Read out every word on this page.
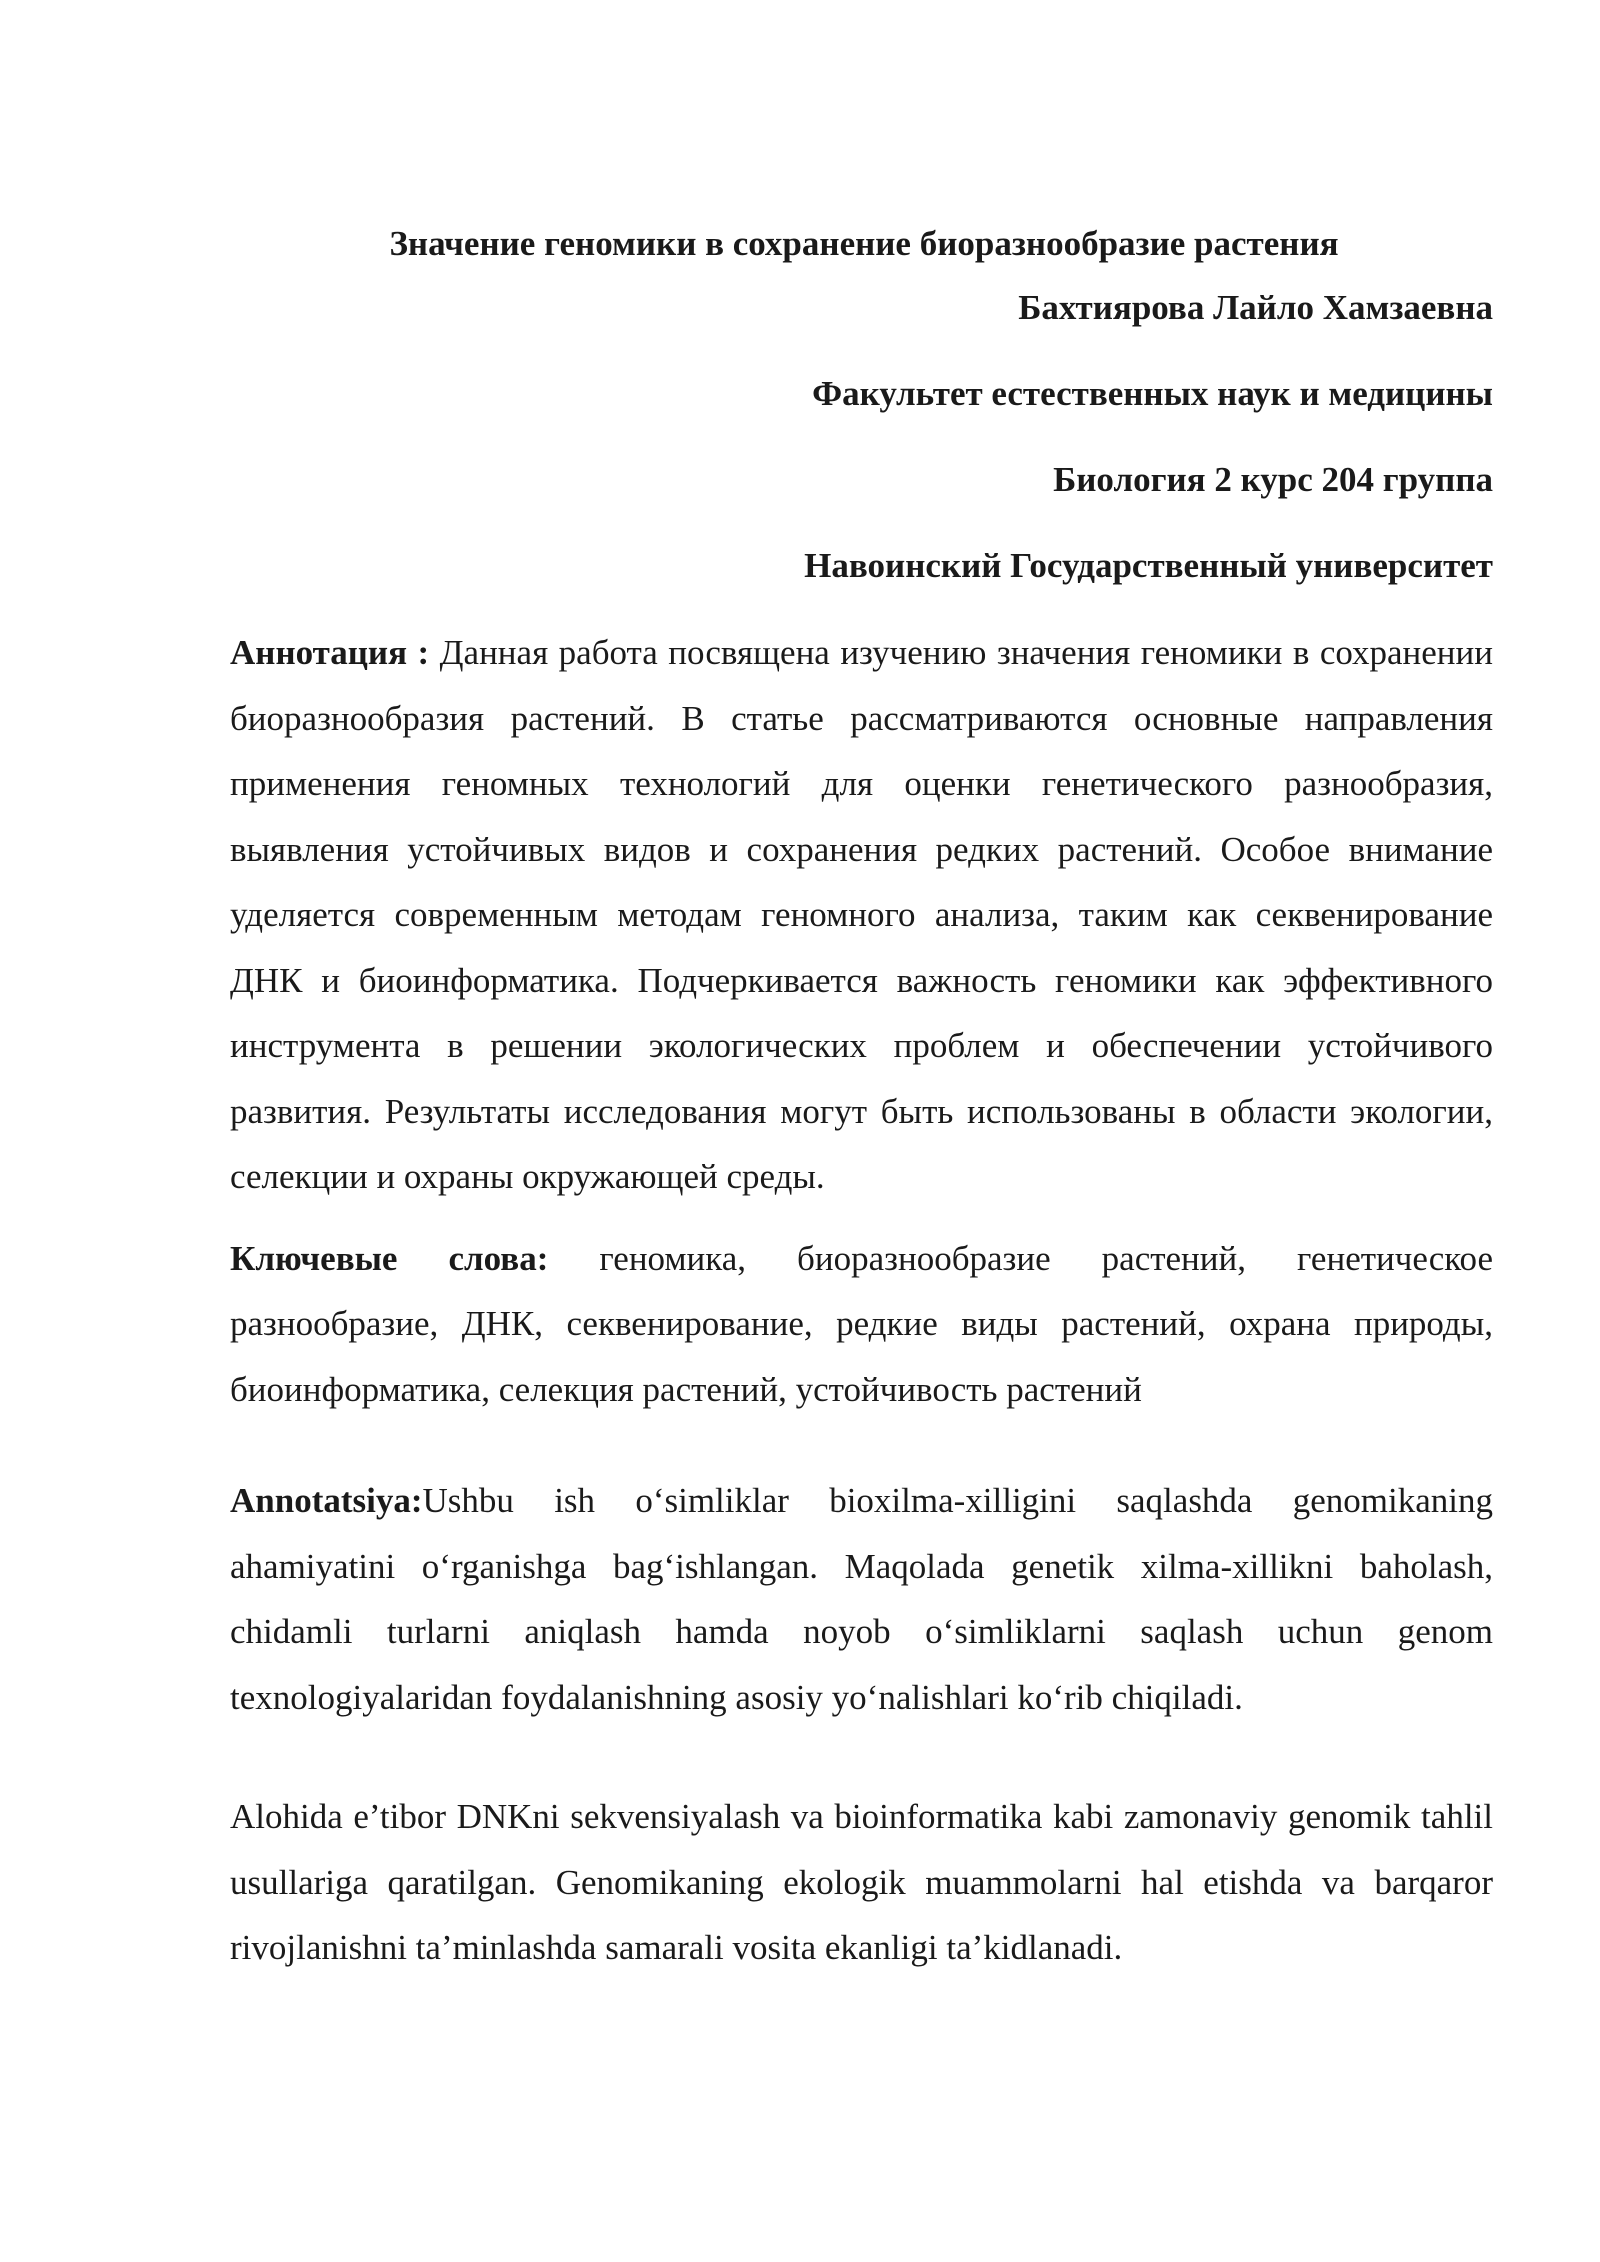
Значение геномики в сохранение биоразнообразие растения

Бахтиярова Лайло Хамзаевна

Факультет естественных наук и медицины

Биология 2 курс 204 группа

Навоинский Государственный университет

Аннотация : Данная работа посвящена изучению значения геномики в сохранении биоразнообразия растений. В статье рассматриваются основные направления применения геномных технологий для оценки генетического разнообразия, выявления устойчивых видов и сохранения редких растений. Особое внимание уделяется современным методам геномного анализа, таким как секвенирование ДНК и биоинформатика. Подчеркивается важность геномики как эффективного инструмента в решении экологических проблем и обеспечении устойчивого развития. Результаты исследования могут быть использованы в области экологии, селекции и охраны окружающей среды.

Ключевые слова: геномика, биоразнообразие растений, генетическое разнообразие, ДНК, секвенирование, редкие виды растений, охрана природы, биоинформатика, селекция растений, устойчивость растений

Annotatsiya:Ushbu ish oʻsimliklar bioxilma-xilligini saqlashda genomikaning ahamiyatini oʻrganishga bagʻishlangan. Maqolada genetik xilma-xillikni baholash, chidamli turlarni aniqlash hamda noyob oʻsimliklarni saqlash uchun genom texnologiyalaridan foydalanishning asosiy yoʻnalishlari koʻrib chiqiladi.

Alohida e’tibor DNKni sekvensiyalash va bioinformatika kabi zamonaviy genomik tahlil usullariga qaratilgan. Genomikaning ekologik muammolarni hal etishda va barqaror rivojlanishni ta’minlashda samarali vosita ekanligi ta’kidlanadi.
